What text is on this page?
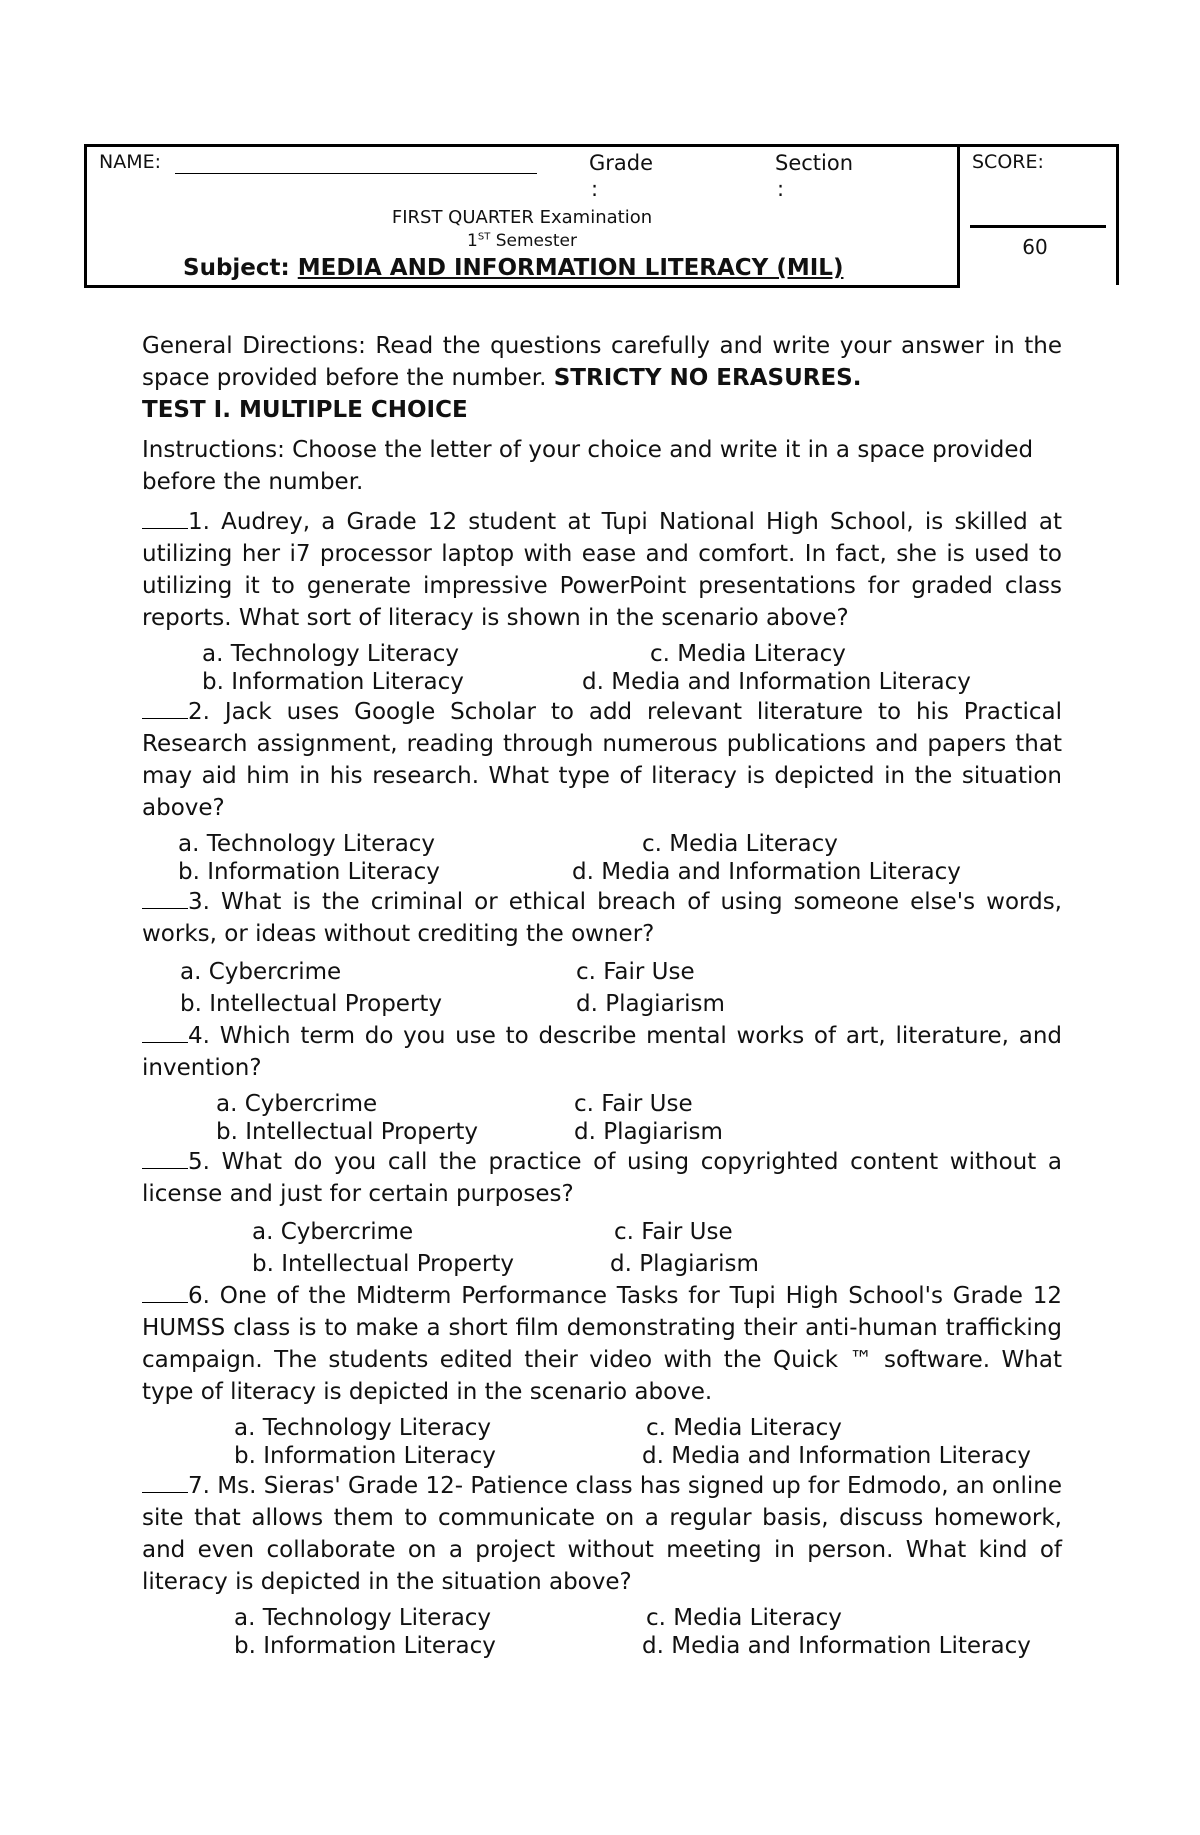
NAME:	Grade
:
Section
:
FIRST QUARTER Examination
1ST Semester
Subject: MEDIA AND INFORMATION LITERACY (MIL)
SCORE:
60

General Directions: Read the questions carefully and write your answer in the space provided before the number. STRICTY NO ERASURES.

TEST I. MULTIPLE CHOICE

Instructions: Choose the letter of your choice and write it in a space provided before the number.

1. Audrey, a Grade 12 student at Tupi National High School, is skilled at utilizing her i7 processor laptop with ease and comfort. In fact, she is used to utilizing it to generate impressive PowerPoint presentations for graded class reports. What sort of literacy is shown in the scenario above?

a. Technology Literacy
b. Information Literacy
c. Media Literacy
d. Media and Information Literacy

2. Jack uses Google Scholar to add relevant literature to his Practical Research assignment, reading through numerous publications and papers that may aid him in his research. What type of literacy is depicted in the situation above?

a. Technology Literacy
b. Information Literacy
c. Media Literacy
d. Media and Information Literacy

3. What is the criminal or ethical breach of using someone else's words, works, or ideas without crediting the owner?

a. Cybercrime
b. Intellectual Property
c. Fair Use
d. Plagiarism

4. Which term do you use to describe mental works of art, literature, and invention?

a. Cybercrime
b. Intellectual Property
c. Fair Use
d. Plagiarism

5. What do you call the practice of using copyrighted content without a license and just for certain purposes?

a. Cybercrime
b. Intellectual Property
c. Fair Use
d. Plagiarism

6. One of the Midterm Performance Tasks for Tupi High School's Grade 12 HUMSS class is to make a short film demonstrating their anti-human trafficking campaign. The students edited their video with the Quick ™ software. What type of literacy is depicted in the scenario above.

a. Technology Literacy
b. Information Literacy
c. Media Literacy
d. Media and Information Literacy

7. Ms. Sieras' Grade 12- Patience class has signed up for Edmodo, an online site that allows them to communicate on a regular basis, discuss homework, and even collaborate on a project without meeting in person. What kind of literacy is depicted in the situation above?

a. Technology Literacy
b. Information Literacy
c. Media Literacy
d. Media and Information Literacy
